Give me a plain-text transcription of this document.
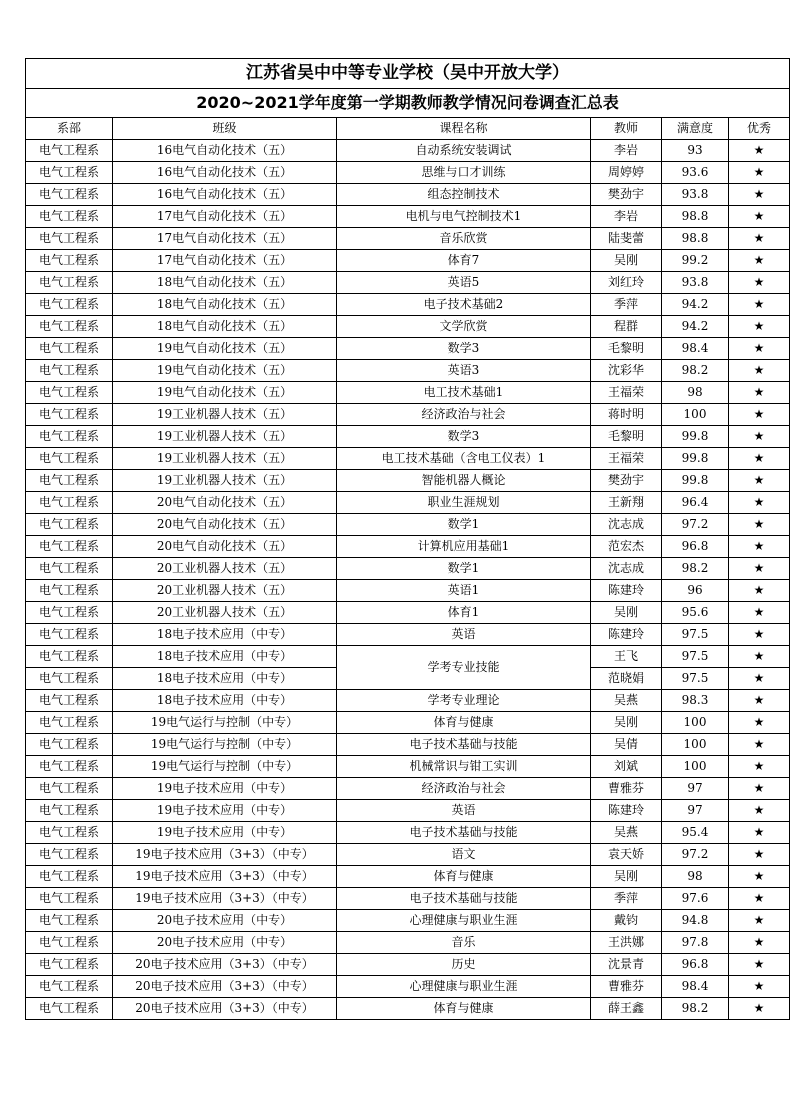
江苏省吴中中等专业学校（吴中开放大学）					
2020~2021学年度第一学期教师教学情况问卷调查汇总表					
系部	班级	课程名称	教师	满意度	优秀
电气工程系	16电气自动化技术（五）	自动系统安装调试	李岩	93	★
电气工程系	16电气自动化技术（五）	思维与口才训练	周婷婷	93.6	★
电气工程系	16电气自动化技术（五）	组态控制技术	樊劲宇	93.8	★
电气工程系	17电气自动化技术（五）	电机与电气控制技术1	李岩	98.8	★
电气工程系	17电气自动化技术（五）	音乐欣赏	陆斐蕾	98.8	★
电气工程系	17电气自动化技术（五）	体育7	吴刚	99.2	★
电气工程系	18电气自动化技术（五）	英语5	刘红玲	93.8	★
电气工程系	18电气自动化技术（五）	电子技术基础2	季萍	94.2	★
电气工程系	18电气自动化技术（五）	文学欣赏	程群	94.2	★
电气工程系	19电气自动化技术（五）	数学3	毛黎明	98.4	★
电气工程系	19电气自动化技术（五）	英语3	沈彩华	98.2	★
电气工程系	19电气自动化技术（五）	电工技术基础1	王福荣	98	★
电气工程系	19工业机器人技术（五）	经济政治与社会	蒋时明	100	★
电气工程系	19工业机器人技术（五）	数学3	毛黎明	99.8	★
电气工程系	19工业机器人技术（五）	电工技术基础（含电工仪表）1	王福荣	99.8	★
电气工程系	19工业机器人技术（五）	智能机器人概论	樊劲宇	99.8	★
电气工程系	20电气自动化技术（五）	职业生涯规划	王新翔	96.4	★
电气工程系	20电气自动化技术（五）	数学1	沈志成	97.2	★
电气工程系	20电气自动化技术（五）	计算机应用基础1	范宏杰	96.8	★
电气工程系	20工业机器人技术（五）	数学1	沈志成	98.2	★
电气工程系	20工业机器人技术（五）	英语1	陈建玲	96	★
电气工程系	20工业机器人技术（五）	体育1	吴刚	95.6	★
电气工程系	18电子技术应用（中专）	英语	陈建玲	97.5	★
电气工程系	18电子技术应用（中专）	学考专业技能	王飞	97.5	★
电气工程系	18电子技术应用（中专）		范晓娟	97.5	★
电气工程系	18电子技术应用（中专）	学考专业理论	吴燕	98.3	★
电气工程系	19电气运行与控制（中专）	体育与健康	吴刚	100	★
电气工程系	19电气运行与控制（中专）	电子技术基础与技能	吴倩	100	★
电气工程系	19电气运行与控制（中专）	机械常识与钳工实训	刘斌	100	★
电气工程系	19电子技术应用（中专）	经济政治与社会	曹雅芬	97	★
电气工程系	19电子技术应用（中专）	英语	陈建玲	97	★
电气工程系	19电子技术应用（中专）	电子技术基础与技能	吴燕	95.4	★
电气工程系	19电子技术应用（3+3）（中专）	语文	袁天娇	97.2	★
电气工程系	19电子技术应用（3+3）（中专）	体育与健康	吴刚	98	★
电气工程系	19电子技术应用（3+3）（中专）	电子技术基础与技能	季萍	97.6	★
电气工程系	20电子技术应用（中专）	心理健康与职业生涯	戴钧	94.8	★
电气工程系	20电子技术应用（中专）	音乐	王洪娜	97.8	★
电气工程系	20电子技术应用（3+3）（中专）	历史	沈景青	96.8	★
电气工程系	20电子技术应用（3+3）（中专）	心理健康与职业生涯	曹雅芬	98.4	★
电气工程系	20电子技术应用（3+3）（中专）	体育与健康	薛王鑫	98.2	★
